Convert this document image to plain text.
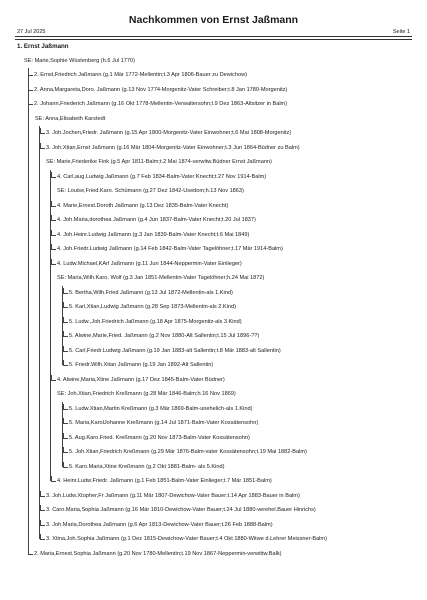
Nachkommen von Ernst Jaßmann
27 Jul 2025	Seite 1
1. Ernst Jaßmann
SE: Marie,Sophie Wüstenberg (h.6 Jul 1770)
2. Ernst,Friedrich Jaßmann (g.1 Mär 1772-Mellentin;t.3 Apr 1806-Bauer zu Dewichow)
2. Anna,Margareta,Doro. Jaßmann (g.13 Nov 1774-Morgenitz-Vater Schreiber;t.8 Jan 1780-Morgenitz)
2. Johann,Friederich Jaßmann (g.16 Okt 1778-Mellentin-Verwaltersohn;t.9 Dez 1863-Altsitzer in Balm)
SE: Anna,Elisabeth Karstedt
3. Joh.Jochen,Friedr. Jaßmann (g.15 Apr 1800-Morgenitz-Vater Einwohner;t.6 Mai 1808-Morgenitz)
3. Joh.Xtian,Ernst Jaßmann (g.16 Mär 1804-Morgenitz-Vater Einwohner;t.3 Jun 1864-Büdner zu Balm)
SE: Marie,Friederike Fink (g.5 Apr 1811-Balm;t.2 Mai 1874-verwitw.Büdner Ernst Jaßmann)
4. Carl,aug.Ludwig Jaßmann (g.7 Feb 1834-Balm-Vater Knecht;t.27 Nov 1914-Balm)
SE: Louise,Fried.Karo. Schümann (g.27 Dez 1842-Usedom;h.13 Nov 1863)
4. Marie,Ernest.Doroth Jaßmann (g.13 Dez 1835-Balm-Vater Knecht)
4. Joh.Maria,dorothea Jaßmann (g.4 Jun 1837-Balm-Vater Knecht;t.20 Jul 1837)
4. Joh.Heinr.Ludwig Jaßmann (g.3 Jan 1839-Balm-Vater Knecht;t.6 Mai 1849)
4. Joh.Friedr.Ludwig Jaßmann (g.14 Feb 1842-Balm-Vater Tagelöhner;t.17 Mär 1914-Balm)
4. Ludw.Michael,KArl Jaßmann (g.11 Jun 1844-Neppermin-Vater Einlieger)
SE: Maria,Wilh.Karo. Wolf (g.3 Jan 1851-Mellentin-Vater Tagelöhner;h.24 Mai 1872)
5. Bertha,Wilh.Fried Jaßmann (g.13 Jul 1872-Mellentin-als 1.Kind)
5. Karl,Xtian,Ludwig Jaßmann (g.28 Sep 1873-Mellentin-als 2.Kind)
5. Ludw.,Joh.Friedrich Jaßmann (g.18 Apr 1875-Morgenitz-als 3.Kind)
5. Alwine,Marie,Fried. Jaßmann (g.2 Nov 1880-Alt Sallentin;t.15 Jul 1896-??)
5. Carl,Friedr.Ludwig Jaßmann (g.19 Jan 1883-alt Sallentin;t.8 Mär 1883-alt Sallentin)
5. Friedr.Wilh.Xtian Jaßmann (g.19 Jan 1892-Alt Sallentin)
4. Alwine,Maria,Xtine Jaßmann (g.17 Dez 1845-Balm-Vater Büdner)
SE: Joh.Xtian,Friedrich Kreßmann (g.28 Mär 1846-Balm;h.16 Nov 1869)
5. Ludw.Xtian,Martin Kreßmann (g.3 Mär 1869-Balm-unehelich-als 1.Kind)
5. Maria,KarolJohanne Kreßmann (g.14 Jul 1871-Balm-Vater Kossätensohn)
5. Aug.Karo.Fried. Kreßmann (g.20 Nov 1873-Balm-Vater Kossätensohn)
5. Joh.Xtian,Friedrich Kreßmann (g.29 Mär 1876-Balm-vater Kossätensohn;t.19 Mai 1882-Balm)
5. Karo.Maria,Xtine Kreßmann (g.2 Okt 1881-Balm- als 5.Kind)
4. Heinr.Ludw.Friedr. Jaßmann (g.1 Feb 1851-Balm-Vater Einlieger;t.7 Mär 1851-Balm)
3. Joh.Ludw.Xtopher,Fr Jaßmann (g.11 Mär 1807-Dewichow-Vater Bauer;t.14 Apr 1883-Bauer in Balm)
3. Caro.Maria,Sophia Jaßmann (g.16 Mär 1810-Dewichow-Vater Bauer;t.24 Jul 1880-verehel.Bauer Hinrichs)
3. Joh.Maria,Dorothea Jaßmann (g.6 Apr 1813-Dewichow-Vater Bauer;t.26 Feb 1888-Balm)
3. Xtina,Joh.Sophia Jaßmann (g.1 Dez 1815-Dewichow-Vater Bauer;t.4 Okt 1880-Witwe d.Lehrer Meissner-Balm)
2. Maria,Ernest.Sophia Jaßmann (g.20 Nov 1780-Mellentin;t.19 Nov 1867-Neppermin-verwittw.Balk)
